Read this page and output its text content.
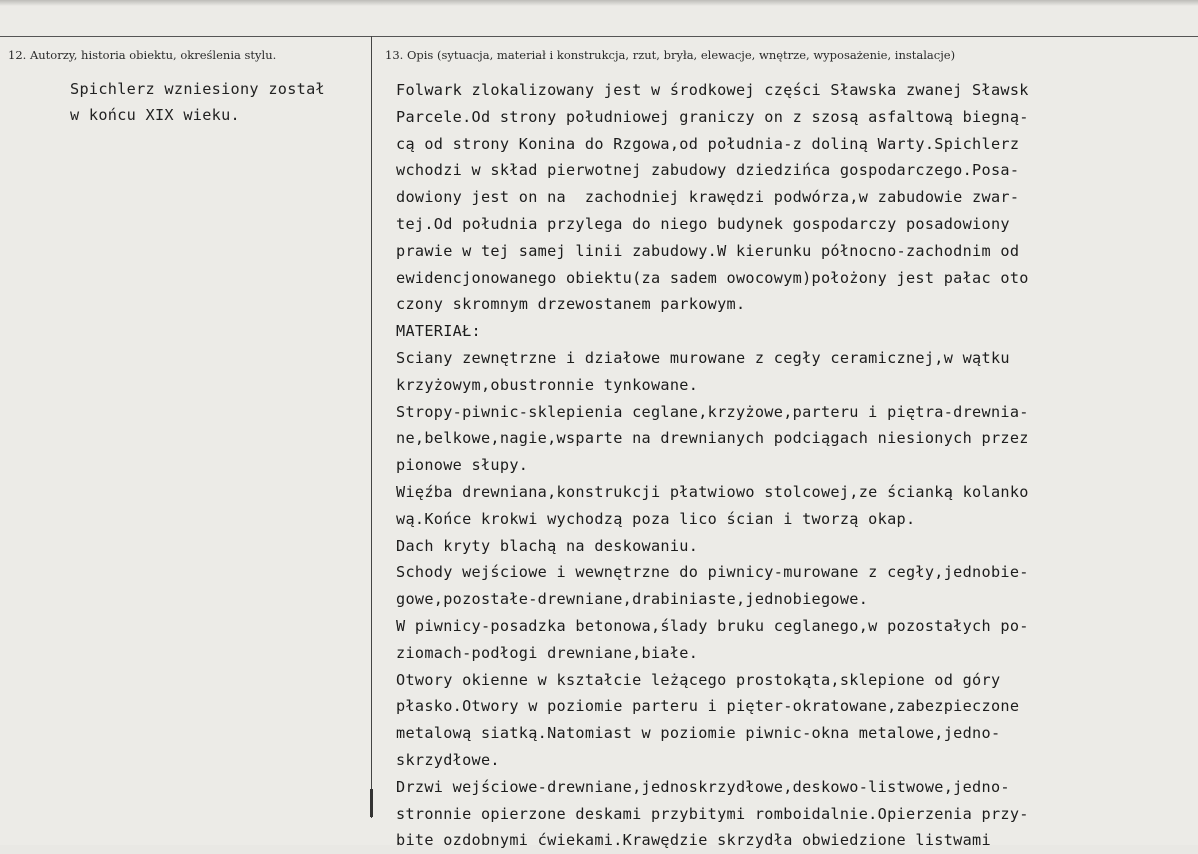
12. Autorzy, historia obiektu, określenia stylu.	13. Opis (sytuacja, materiał i konstrukcja, rzut, bryła, elewacje, wnętrze, wyposażenie, instalacje)
Spichlerz wzniesiony został
w końcu XIX wieku.
Folwark zlokalizowany jest w środkowej części Sławska zwanej Sławsk
Parcele.Od strony południowej graniczy on z szosą asfaltową biegną-
cą od strony Konina do Rzgowa,od południa-z doliną Warty.Spichlerz
wchodzi w skład pierwotnej zabudowy dziedzińca gospodarczego.Posa-
dowiony jest on na  zachodniej krawędzi podwórza,w zabudowie zwar-
tej.Od południa przylega do niego budynek gospodarczy posadowiony
prawie w tej samej linii zabudowy.W kierunku północno-zachodnim od
ewidencjonowanego obiektu(za sadem owocowym)położony jest pałac oto
czony skromnym drzewostanem parkowym.
MATERIAŁ:
Sciany zewnętrzne i działowe murowane z cegły ceramicznej,w wątku
krzyżowym,obustronnie tynkowane.
Stropy-piwnic-sklepienia ceglane,krzyżowe,parteru i piętra-drewnia-
ne,belkowe,nagie,wsparte na drewnianych podciągach niesionych przez
pionowe słupy.
Więźba drewniana,konstrukcji płatwiowo stolcowej,ze ścianką kolanko
wą.Końce krokwi wychodzą poza lico ścian i tworzą okap.
Dach kryty blachą na deskowaniu.
Schody wejściowe i wewnętrzne do piwnicy-murowane z cegły,jednobie-
gowe,pozostałe-drewniane,drabiniaste,jednobiegowe.
W piwnicy-posadzka betonowa,ślady bruku ceglanego,w pozostałych po-
ziomach-podłogi drewniane,białe.
Otwory okienne w kształcie leżącego prostokąta,sklepione od góry
płasko.Otwory w poziomie parteru i pięter-okratowane,zabezpieczone
metalową siatką.Natomiast w poziomie piwnic-okna metalowe,jedno-
skrzydłowe.
Drzwi wejściowe-drewniane,jednoskrzydłowe,deskowo-listwowe,jedno-
stronnie opierzone deskami przybitymi romboidalnie.Opierzenia przy-
bite ozdobnymi ćwiekami.Krawędzie skrzydła obwiedzione listwami
